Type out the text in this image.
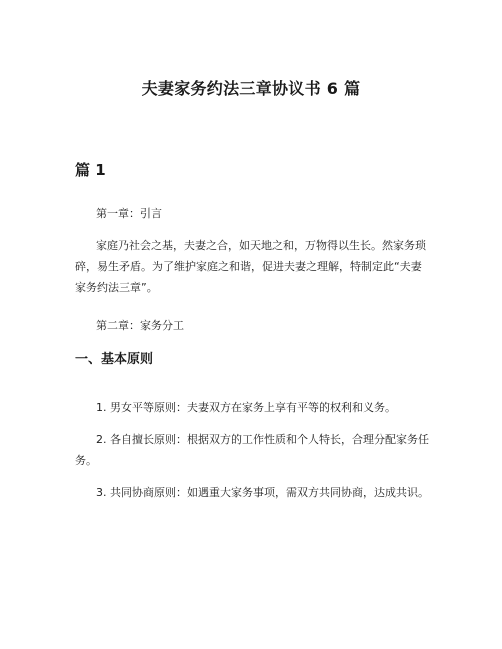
夫妻家务约法三章协议书 6 篇
篇 1

第一章：引言

家庭乃社会之基，夫妻之合，如天地之和，万物得以生长。然家务琐碎，易生矛盾。为了维护家庭之和谐，促进夫妻之理解，特制定此“夫妻家务约法三章”。

第二章：家务分工

一、基本原则

1. 男女平等原则：夫妻双方在家务上享有平等的权利和义务。

2. 各自擅长原则：根据双方的工作性质和个人特长，合理分配家务任务。

3. 共同协商原则：如遇重大家务事项，需双方共同协商，达成共识。
